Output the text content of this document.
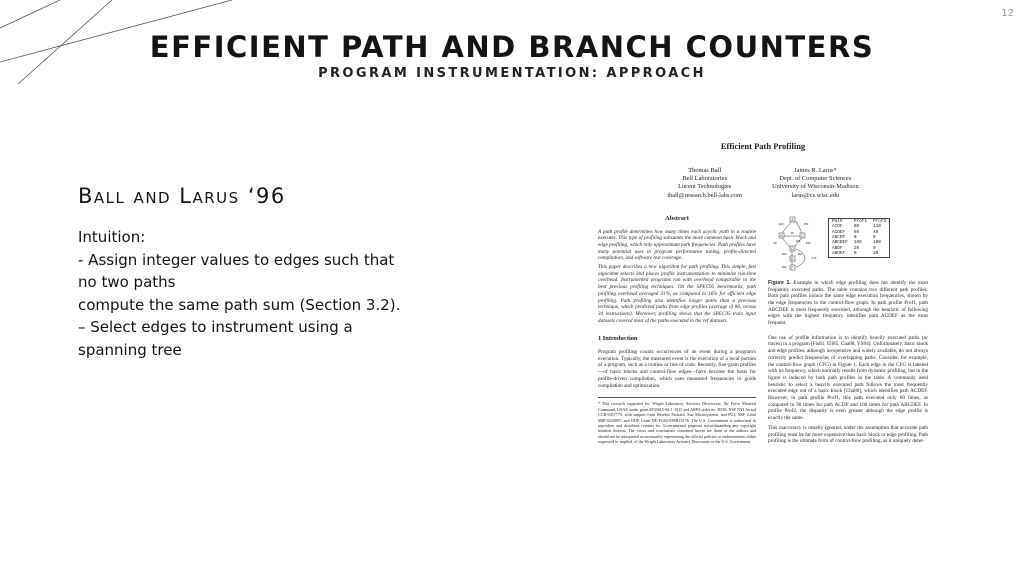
12
EFFICIENT PATH AND BRANCH COUNTERS
PROGRAM INSTRUMENTATION: APPROACH
Ball and Larus ‘96
Intuition:
- Assign integer values to edges such that
no two paths
compute the same path sum (Section 3.2).
– Select edges to instrument using a
spanning tree
Efficient Path Profiling
Thomas Ball
Bell Laboratories
Lucent Technologies
tball@research.bell-labs.com
James R. Larus*
Dept. of Computer Sciences
University of Wisconsin-Madison
larus@cs.wisc.edu
Abstract

A path profile determines how many times each acyclic path in a routine executes. This type of profiling subsumes the more common basic block and edge profiling, which only approximate path frequencies. Path profiles have many potential uses in program performance tuning, profile-directed compilation, and software test coverage.

This paper describes a new algorithm for path profiling. This simple, fast algorithm selects and places profile instrumentation to minimize run-time overhead. Instrumented programs run with overhead comparable to the best previous profiling techniques. On the SPEC95 benchmarks, path profiling overhead averaged 31%, as compared to 16% for efficient edge profiling. Path profiling also identifies longer paths than a previous technique, which predicted paths from edge profiles (average of 88, versus 34 instructions). Moreover, profiling shows that the SPEC95 train input datasets covered most of the paths executed in the ref datasets.

1 Introduction

Program profiling counts occurrences of an event during a program's execution. Typically, the measured event is the execution of a local portion of a program, such as a routine or line of code. Recently, fine-grain profiles—of basic blocks and control-flow edges—have become the basis for profile-driven compilation, which uses measured frequencies to guide compilation and optimization.

* This research supported by: Wright Laboratory Avionics Directorate, Air Force Material Command, USAF, under grant #F33615-94-1-1525 and ARPA order no. B550; NSF NYI Award CCR-9357779, with support from Hewlett Packard, Sun Microsystems, and PGI; NSF Grant MIP-9225097; and DOE Grant DE-FG02-93ER25176. The U.S. Government is authorized to reproduce and distribute reprints for Governmental purposes notwithstanding any copyright notation thereon. The views and conclusions contained herein are those of the authors and should not be interpreted as necessarily representing the official policies or endorsements, either expressed or implied, of the Wright Laboratory Avionics Directorate or the U.S. Government.
A
B	C
D
E
F
120	150
20
100
20	250
160	110
270
160
Path	Prof1	Prof2
ACDF	90	110
ACDEF	60	40
ABCDF	0	0
ABCDEF	100	100
ABDF	20	0
ABDEF	0	20
Figure 1. Example in which edge profiling does not identify the most frequently executed paths. The table contains two different path profiles. Both path profiles induce the same edge execution frequencies, shown by the edge frequencies in the control-flow graph. In path profile Prof1, path ABCDEF is most frequently executed, although the heuristic of following edges with the highest frequency identifies path ACDEF as the most frequent.

One use of profile information is to identify heavily executed paths (or traces) in a program [Fis81, Ell85, Cha88, YS94]. Unfortunately, basic block and edge profiles, although inexpensive and widely available, do not always correctly predict frequencies of overlapping paths. Consider, for example, the control-flow graph (CFG) in Figure 1. Each edge in the CFG is labeled with its frequency, which normally results from dynamic profiling, but in the figure is induced by both path profiles in the table. A commonly used heuristic to select a heavily executed path follows the most frequently executed edge out of a basic block [Cha88], which identifies path ACDEF. However, in path profile Prof1, this path executed only 60 times, as compared to 90 times for path ACDF and 100 times for path ABCDEF. In profile Prof2, the disparity is even greater although the edge profile is exactly the same.

This inaccuracy is usually ignored, under the assumption that accurate path profiling must be far more expensive than basic block or edge profiling. Path profiling is the ultimate form of control-flow profiling, as it uniquely deter-
